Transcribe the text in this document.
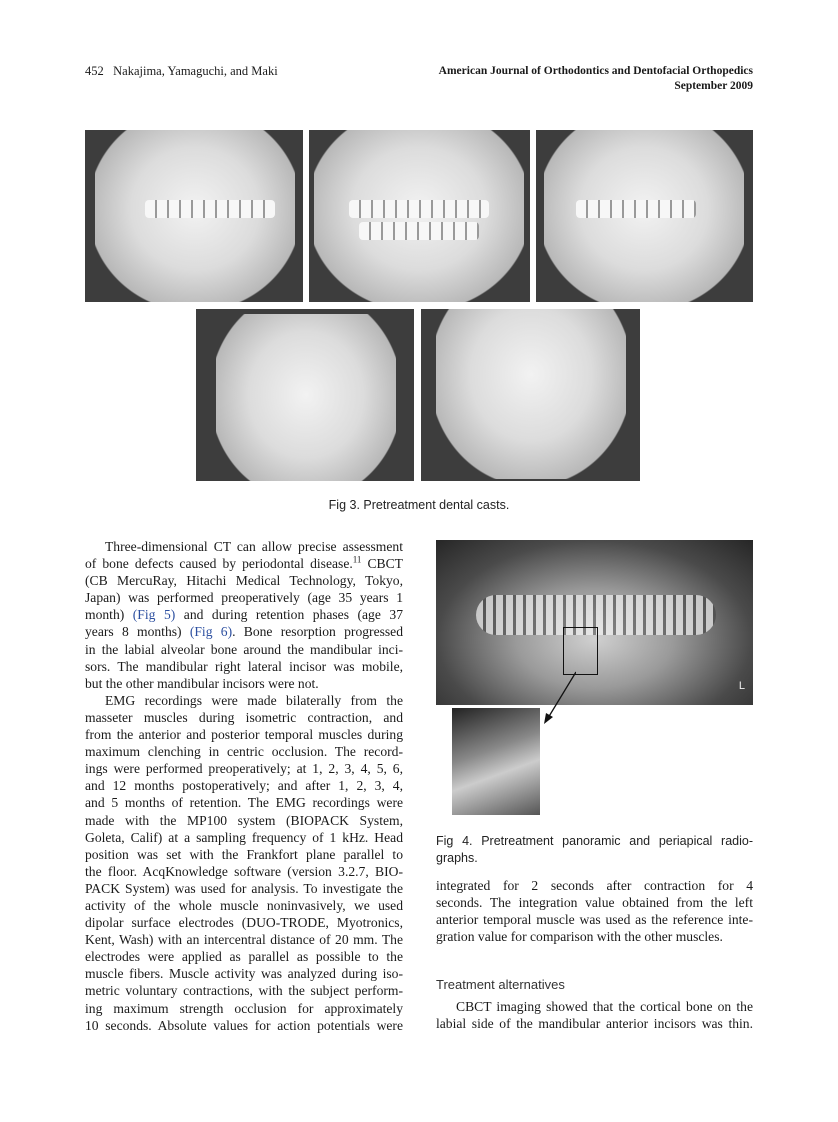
452 Nakajima, Yamaguchi, and Maki	American Journal of Orthodontics and Dentofacial Orthopedics
September 2009
Fig 3. Pretreatment dental casts.
Three-dimensional CT can allow precise assessment
of bone defects caused by periodontal disease.$^{11}$ CBCT
(CB MercuRay, Hitachi Medical Technology, Tokyo,
Japan) was performed preoperatively (age 35 years 1
month) (Fig 5) and during retention phases (age 37
years 8 months) (Fig 6). Bone resorption progressed
in the labial alveolar bone around the mandibular inci-
sors. The mandibular right lateral incisor was mobile,
but the other mandibular incisors were not.
EMG recordings were made bilaterally from the
masseter muscles during isometric contraction, and
from the anterior and posterior temporal muscles during
maximum clenching in centric occlusion. The record-
ings were performed preoperatively; at 1, 2, 3, 4, 5, 6,
and 12 months postoperatively; and after 1, 2, 3, 4,
and 5 months of retention. The EMG recordings were
made with the MP100 system (BIOPACK System,
Goleta, Calif) at a sampling frequency of 1 kHz. Head
position was set with the Frankfort plane parallel to
the floor. AcqKnowledge software (version 3.2.7, BIO-
PACK System) was used for analysis. To investigate the
activity of the whole muscle noninvasively, we used
dipolar surface electrodes (DUO-TRODE, Myotronics,
Kent, Wash) with an intercentral distance of 20 mm. The
electrodes were applied as parallel as possible to the
muscle fibers. Muscle activity was analyzed during iso-
metric voluntary contractions, with the subject perform-
ing maximum strength occlusion for approximately
10 seconds. Absolute values for action potentials were
L
Fig 4. Pretreatment panoramic and periapical radio-
graphs.
integrated for 2 seconds after contraction for 4
seconds. The integration value obtained from the left
anterior temporal muscle was used as the reference inte-
gration value for comparison with the other muscles.
Treatment alternatives
CBCT imaging showed that the cortical bone on the
labial side of the mandibular anterior incisors was thin.
